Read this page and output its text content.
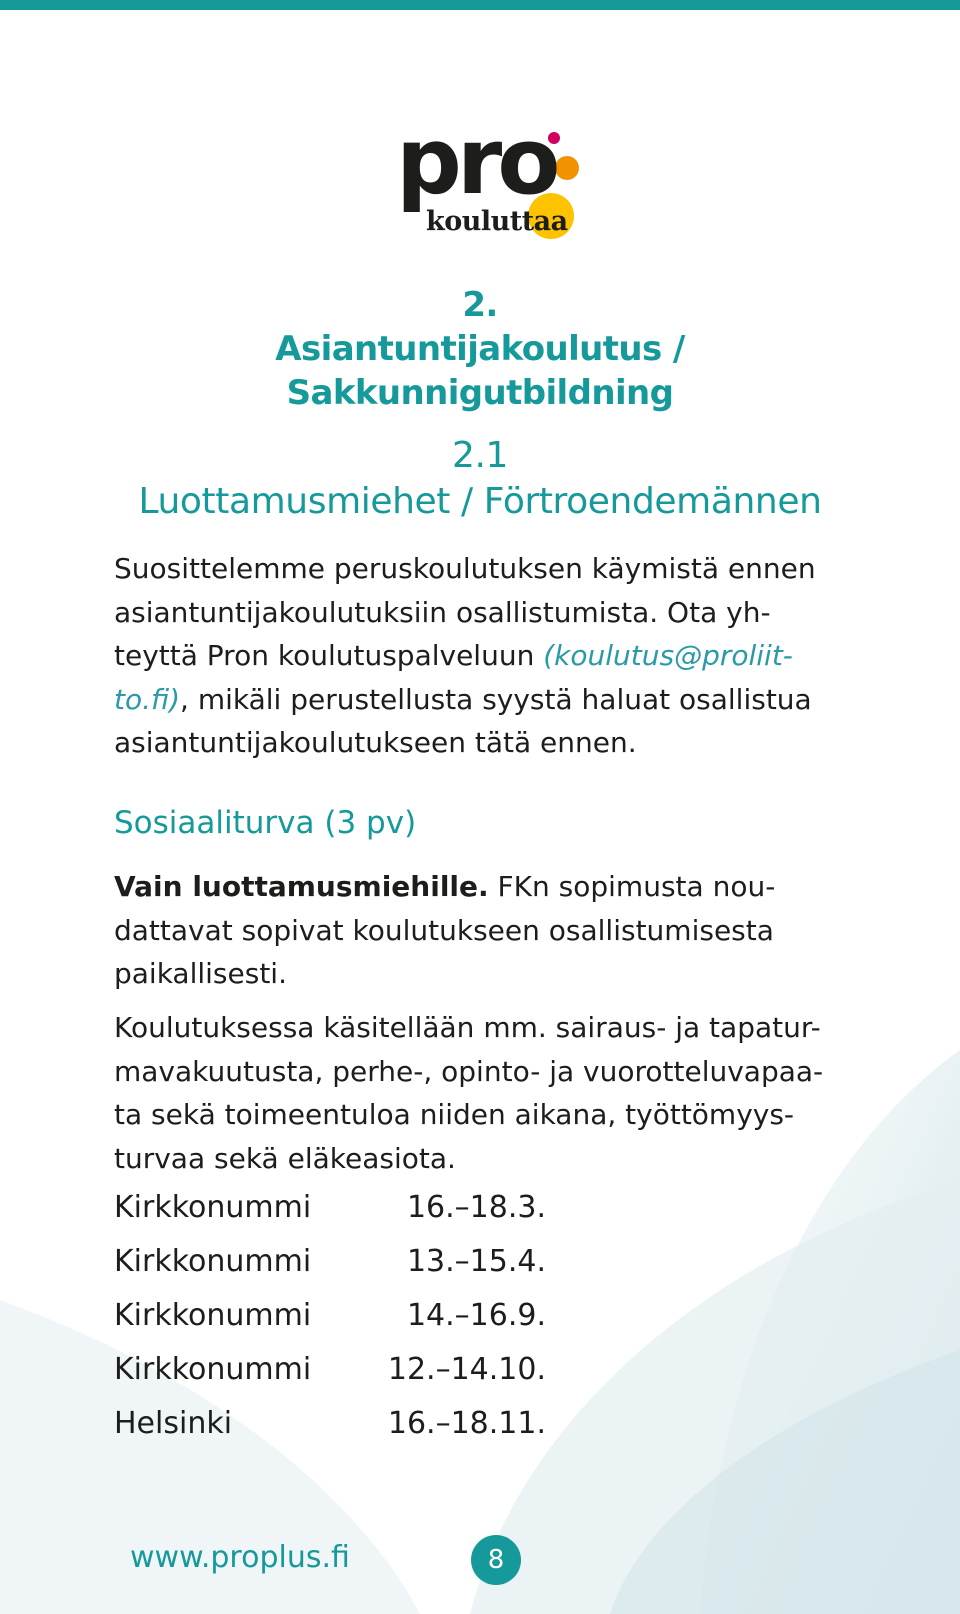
pro
kouluttaa
2.
Asiantuntijakoulutus /
Sakkunnigutbildning
2.1
Luottamusmiehet / Förtroendemännen

Suosittelemme peruskoulutuksen käymistä ennen
asiantuntijakoulutuksiin osallistumista. Ota yh-
teyttä Pron koulutuspalveluun (koulutus@proliit-
to.fi), mikäli perustellusta syystä haluat osallistua
asiantuntijakoulutukseen tätä ennen.

Sosiaaliturva (3 pv)

Vain luottamusmiehille. FKn sopimusta nou-
dattavat sopivat koulutukseen osallistumisesta
paikallisesti.

Koulutuksessa käsitellään mm. sairaus- ja tapatur-
mavakuutusta, perhe-, opinto- ja vuorotteluvapaa-
ta sekä toimeentuloa niiden aikana, työttömyys-
turvaa sekä eläkeasiota.

Kirkkonummi	16.–18.3.
Kirkkonummi	13.–15.4.
Kirkkonummi	14.–16.9.
Kirkkonummi	12.–14.10.
Helsinki	16.–18.11.
www.proplus.fi	8
